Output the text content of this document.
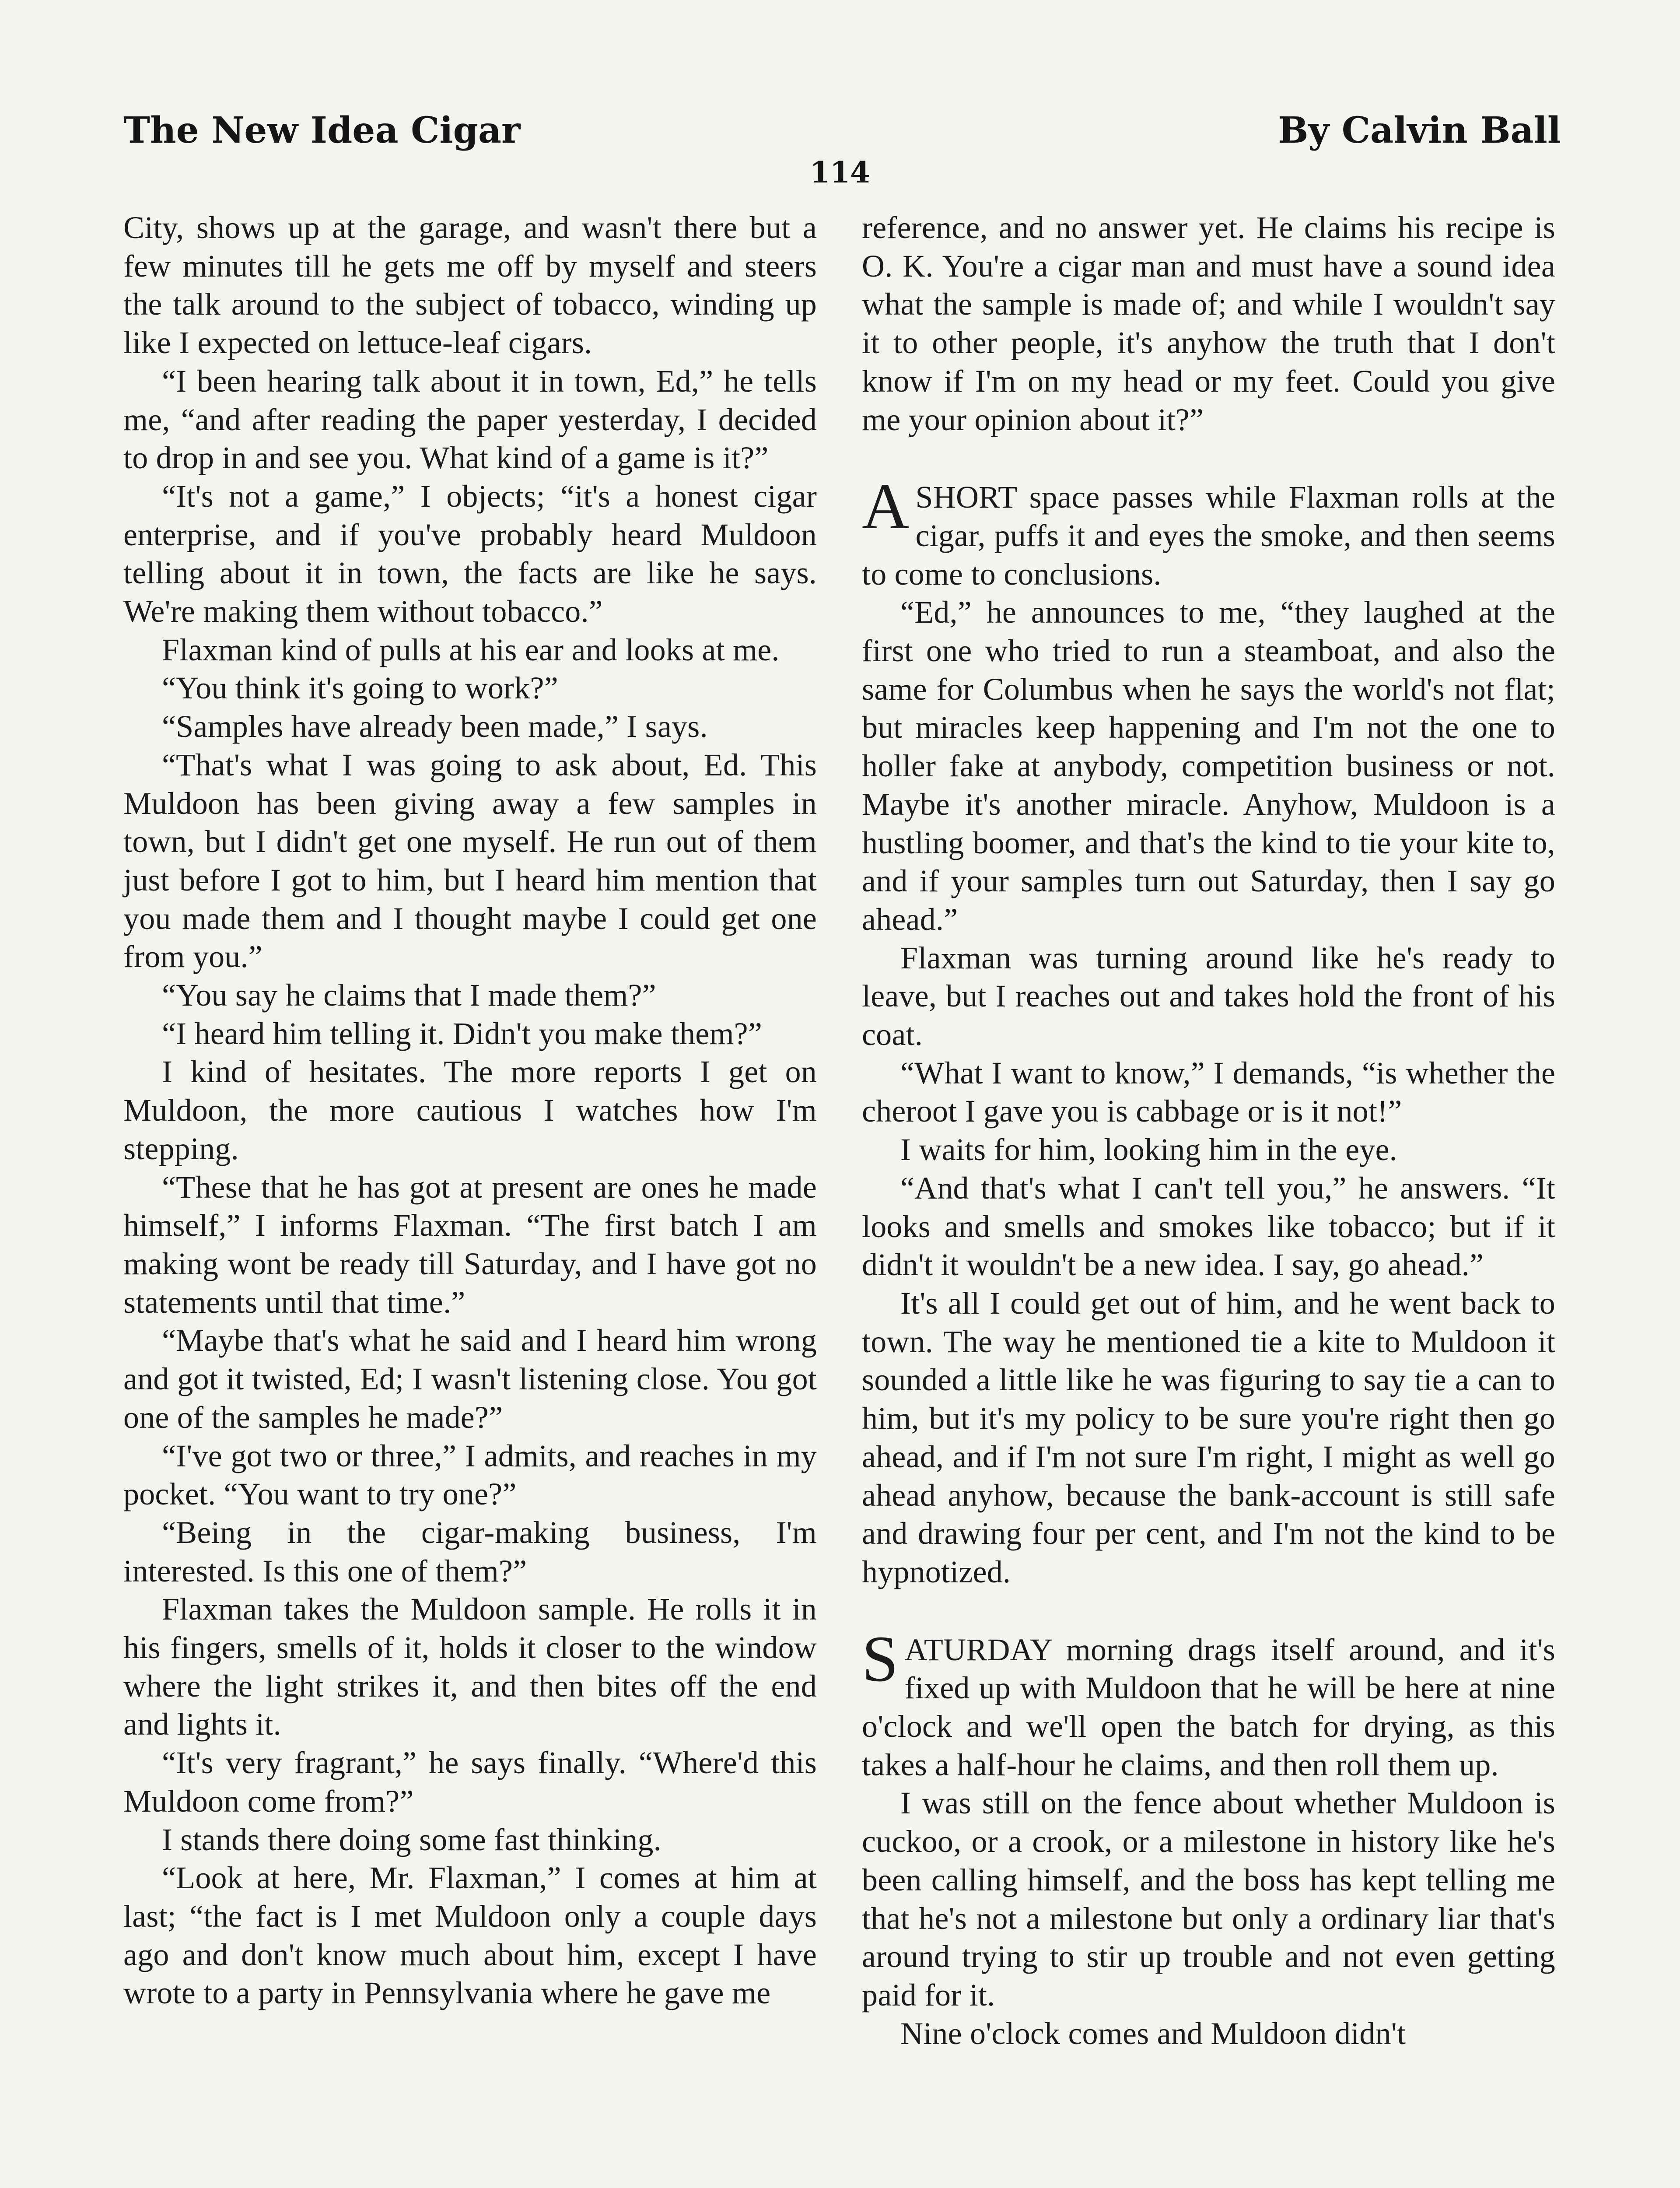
The New Idea Cigar	By Calvin Ball
114

City, shows up at the garage, and wasn't there but a few minutes till he gets me off by myself and steers the talk around to the subject of tobacco, winding up like I expected on lettuce-leaf cigars.

“I been hearing talk about it in town, Ed,” he tells me, “and after reading the paper yesterday, I decided to drop in and see you. What kind of a game is it?”

“It's not a game,” I objects; “it's a honest cigar enterprise, and if you've probably heard Muldoon telling about it in town, the facts are like he says. We're making them without tobacco.”

Flaxman kind of pulls at his ear and looks at me.

“You think it's going to work?”

“Samples have already been made,” I says.

“That's what I was going to ask about, Ed. This Muldoon has been giving away a few samples in town, but I didn't get one myself. He run out of them just before I got to him, but I heard him mention that you made them and I thought maybe I could get one from you.”

“You say he claims that I made them?”

“I heard him telling it. Didn't you make them?”

I kind of hesitates. The more reports I get on Muldoon, the more cautious I watches how I'm stepping.

“These that he has got at present are ones he made himself,” I informs Flaxman. “The first batch I am making wont be ready till Saturday, and I have got no statements until that time.”

“Maybe that's what he said and I heard him wrong and got it twisted, Ed; I wasn't listening close. You got one of the samples he made?”

“I've got two or three,” I admits, and reaches in my pocket. “You want to try one?”

“Being in the cigar-making business, I'm interested. Is this one of them?”

Flaxman takes the Muldoon sample. He rolls it in his fingers, smells of it, holds it closer to the window where the light strikes it, and then bites off the end and lights it.

“It's very fragrant,” he says finally. “Where'd this Muldoon come from?”

I stands there doing some fast thinking.

“Look at here, Mr. Flaxman,” I comes at him at last; “the fact is I met Muldoon only a couple days ago and don't know much about him, except I have wrote to a party in Pennsylvania where he gave me

reference, and no answer yet. He claims his recipe is O. K. You're a cigar man and must have a sound idea what the sample is made of; and while I wouldn't say it to other people, it's anyhow the truth that I don't know if I'm on my head or my feet. Could you give me your opinion about it?”

ASHORT space passes while Flaxman rolls at the cigar, puffs it and eyes the smoke, and then seems to come to conclusions.

“Ed,” he announces to me, “they laughed at the first one who tried to run a steamboat, and also the same for Columbus when he says the world's not flat; but miracles keep happening and I'm not the one to holler fake at anybody, competition business or not. Maybe it's another miracle. Anyhow, Muldoon is a hustling boomer, and that's the kind to tie your kite to, and if your samples turn out Saturday, then I say go ahead.”

Flaxman was turning around like he's ready to leave, but I reaches out and takes hold the front of his coat.

“What I want to know,” I demands, “is whether the cheroot I gave you is cabbage or is it not!”

I waits for him, looking him in the eye.

“And that's what I can't tell you,” he answers. “It looks and smells and smokes like tobacco; but if it didn't it wouldn't be a new idea. I say, go ahead.”

It's all I could get out of him, and he went back to town. The way he mentioned tie a kite to Muldoon it sounded a little like he was figuring to say tie a can to him, but it's my policy to be sure you're right then go ahead, and if I'm not sure I'm right, I might as well go ahead anyhow, because the bank-account is still safe and drawing four per cent, and I'm not the kind to be hypnotized.

SATURDAY morning drags itself around, and it's fixed up with Muldoon that he will be here at nine o'clock and we'll open the batch for drying, as this takes a half-hour he claims, and then roll them up.

I was still on the fence about whether Muldoon is cuckoo, or a crook, or a milestone in history like he's been calling himself, and the boss has kept telling me that he's not a milestone but only a ordinary liar that's around trying to stir up trouble and not even getting paid for it.

Nine o'clock comes and Muldoon didn't
